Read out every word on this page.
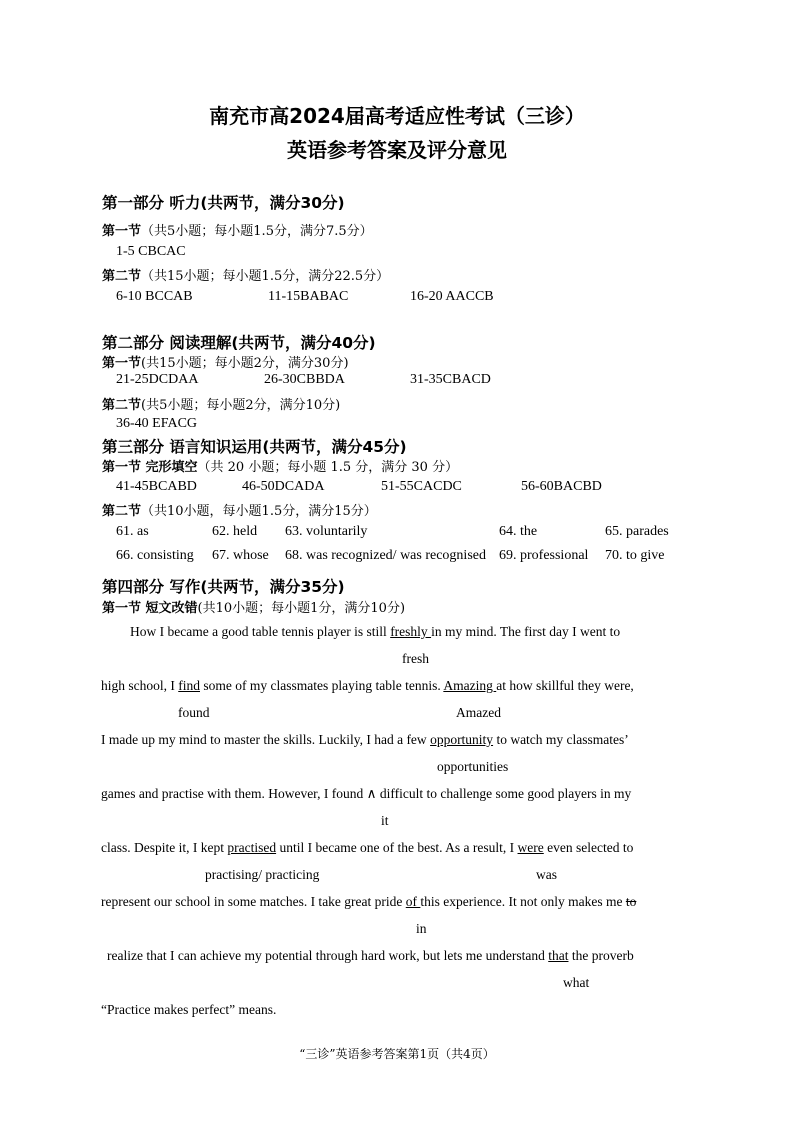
南充市高2024届高考适应性考试（三诊）
英语参考答案及评分意见
第一部分 听力(共两节，满分30分)
第一节（共5小题；每小题1.5分，满分7.5分）
1-5 CBCAC
第二节（共15小题；每小题1.5分，满分22.5分）
6-10 BCCAB	11-15BABAC	16-20 AACCB
第二部分 阅读理解(共两节，满分40分)
第一节(共15小题；每小题2分，满分30分)
21-25DCDAA	26-30CBBDA	31-35CBACD
第二节(共5小题；每小题2分，满分10分)
36-40 EFACG
第三部分 语言知识运用(共两节，满分45分)
第一节 完形填空（共 20 小题；每小题 1.5 分，满分 30 分）
41-45BCABD	46-50DCADA	51-55CACDC	56-60BACBD
第二节（共10小题，每小题1.5分，满分15分）
61. as	62. held 63. voluntarily	64. the	65. parades
66. consisting 67. whose 68. was recognized/ was recognised 69. professional 70. to give
第四部分 写作(共两节，满分35分)
第一节 短文改错(共10小题；每小题1分，满分10分)
How I became a good table tennis player is still freshly in my mind. The first day I went to
fresh
high school, I find some of my classmates playing table tennis. Amazing at how skillful they were,
found	Amazed
I made up my mind to master the skills. Luckily, I had a few opportunity to watch my classmates’
opportunities
games and practise with them. However, I found ∧ difficult to challenge some good players in my
it
class. Despite it, I kept practised until I became one of the best. As a result, I were even selected to
practising/ practicing	was
represent our school in some matches. I take great pride of this experience. It not only makes me to
in
realize that I can achieve my potential through hard work, but lets me understand that the proverb
what
“Practice makes perfect” means.
“三诊”英语参考答案第1页（共4页）
